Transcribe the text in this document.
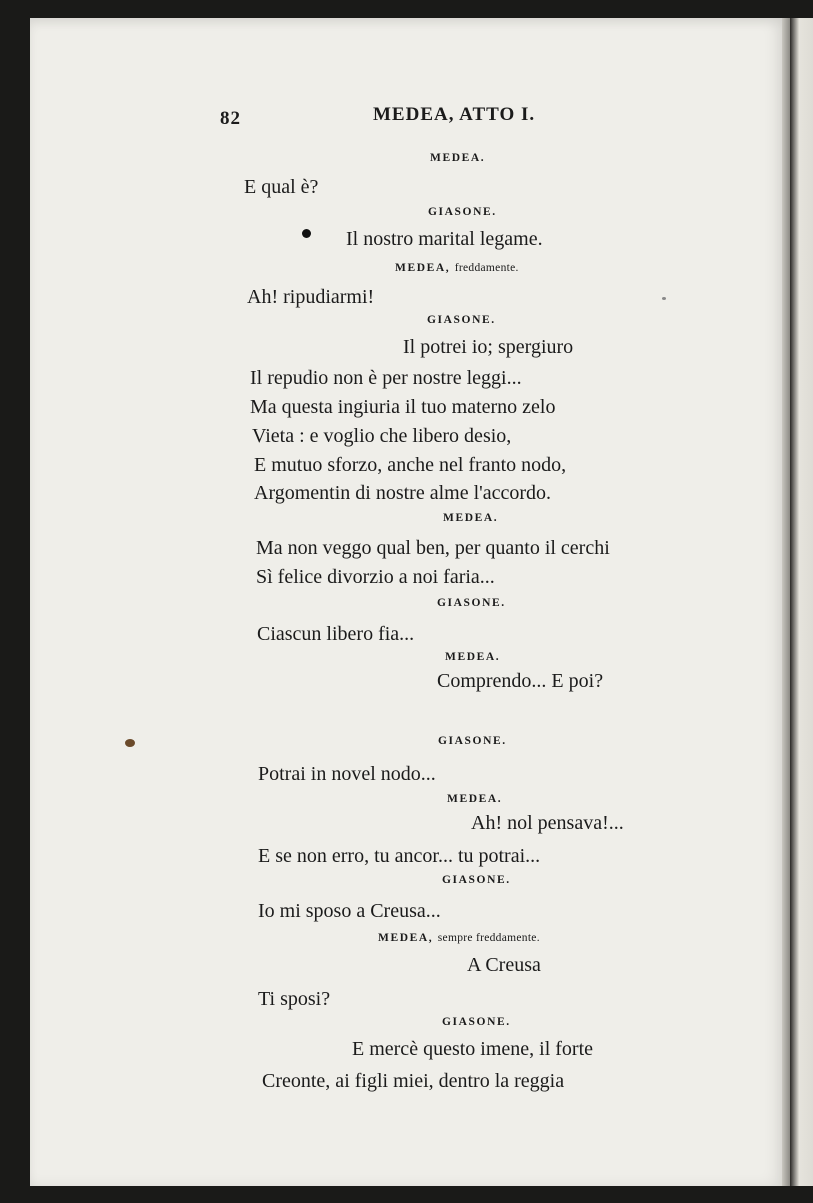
82	MEDEA, ATTO I.
MEDEA.
E qual è?
GIASONE.
Il nostro marital legame.
MEDEA, freddamente.
Ah! ripudiarmi!
GIASONE.
Il potrei io; spergiuro
Il repudio non è per nostre leggi...
Ma questa ingiuria il tuo materno zelo
Vieta : e voglio che libero desio,
E mutuo sforzo, anche nel franto nodo,
Argomentin di nostre alme l'accordo.
MEDEA.
Ma non veggo qual ben, per quanto il cerchi
Sì felice divorzio a noi faria...
GIASONE.
Ciascun libero fia...
MEDEA.
Comprendo... E poi?
GIASONE.
Potrai in novel nodo...
MEDEA.
Ah! nol pensava!...
E se non erro, tu ancor... tu potrai...
GIASONE.
Io mi sposo a Creusa...
MEDEA, sempre freddamente.
A Creusa
Ti sposi?
GIASONE.
E mercè questo imene, il forte
Creonte, ai figli miei, dentro la reggia
